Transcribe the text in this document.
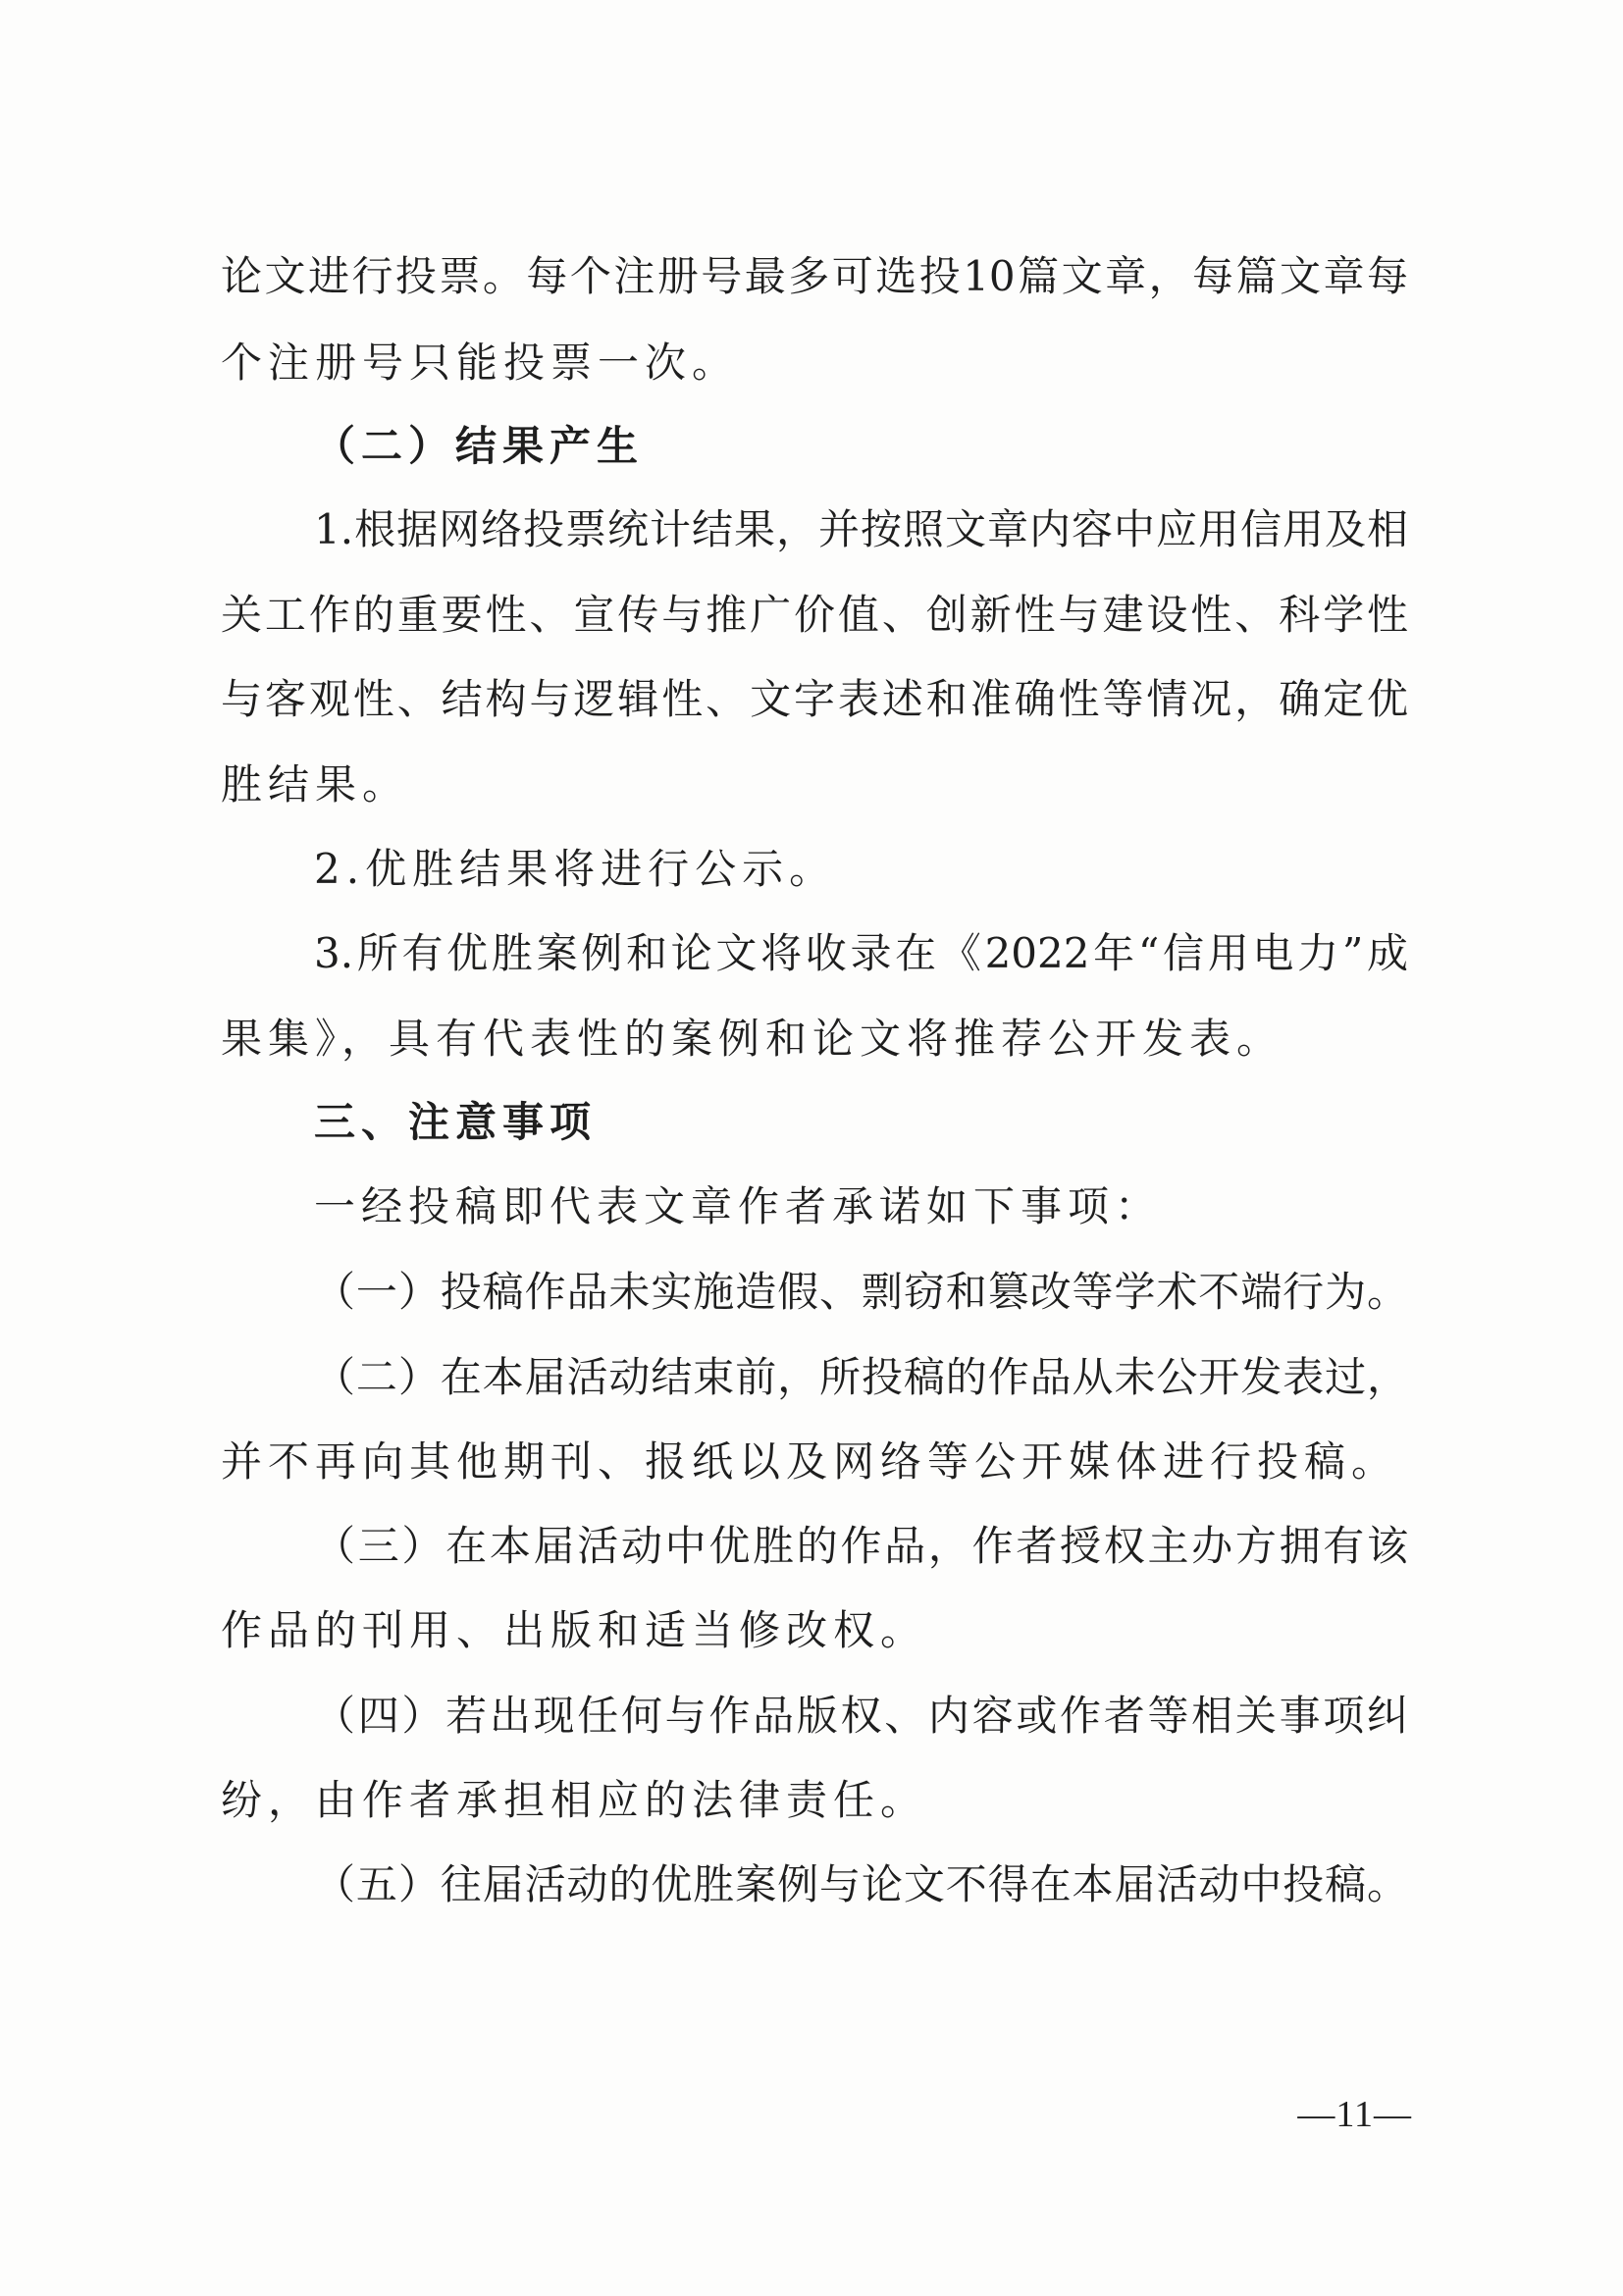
论文进行投票。每个注册号最多可选投10篇文章，每篇文章每
个注册号只能投票一次。
（二）结果产生
1.根据网络投票统计结果，并按照文章内容中应用信用及相
关工作的重要性、宣传与推广价值、创新性与建设性、科学性
与客观性、结构与逻辑性、文字表述和准确性等情况，确定优
胜结果。
2.优胜结果将进行公示。
3.所有优胜案例和论文将收录在《2022年“信用电力”成
果集》，具有代表性的案例和论文将推荐公开发表。
三、注意事项
一经投稿即代表文章作者承诺如下事项：
（一）投稿作品未实施造假、剽窃和篡改等学术不端行为。
（二）在本届活动结束前，所投稿的作品从未公开发表过，
并不再向其他期刊、报纸以及网络等公开媒体进行投稿。
（三）在本届活动中优胜的作品，作者授权主办方拥有该
作品的刊用、出版和适当修改权。
（四）若出现任何与作品版权、内容或作者等相关事项纠
纷，由作者承担相应的法律责任。
（五）往届活动的优胜案例与论文不得在本届活动中投稿。
—11—
